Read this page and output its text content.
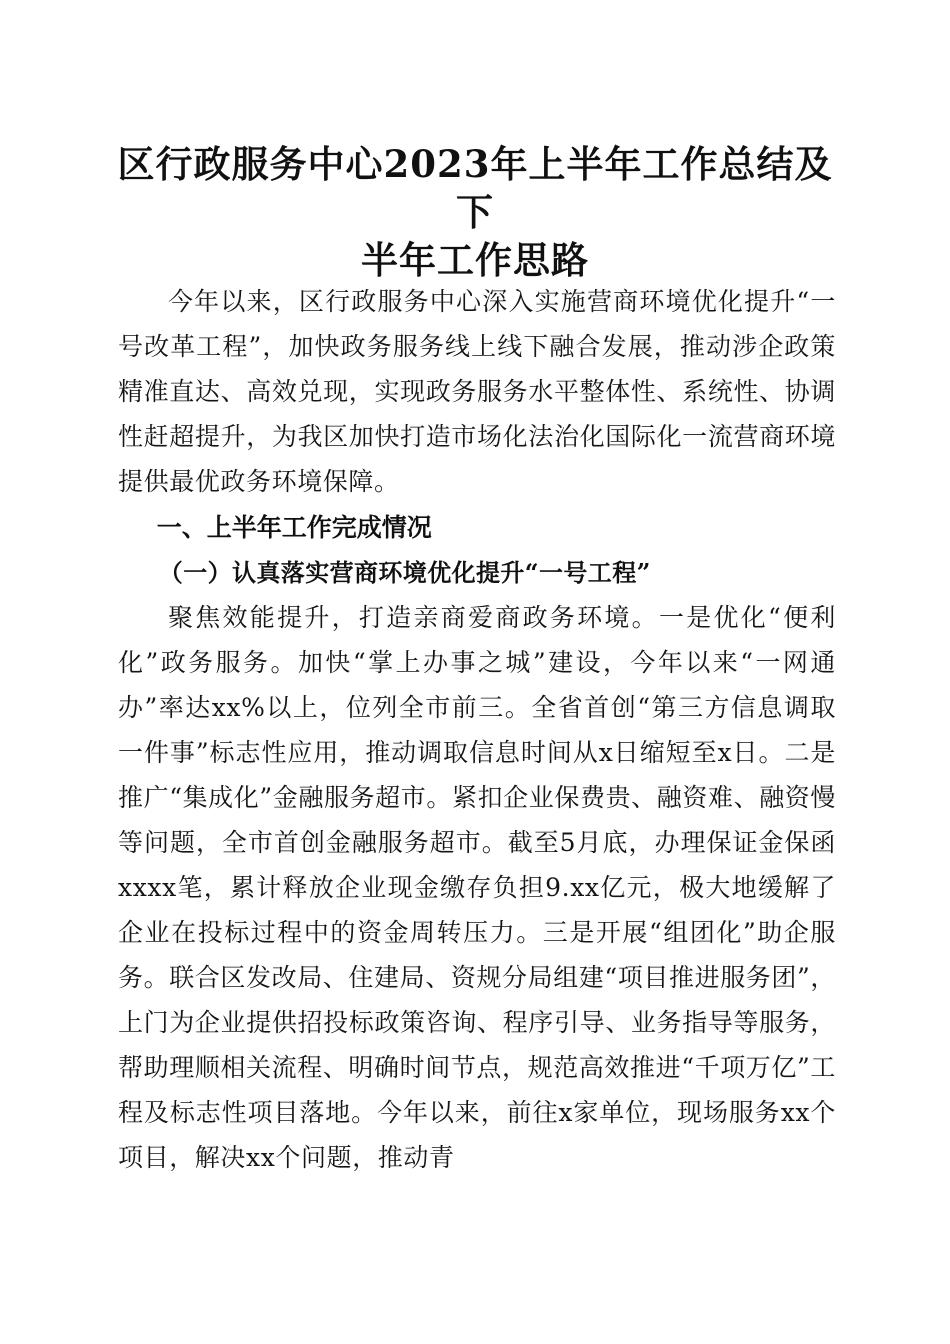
区行政服务中心2023年上半年工作总结及下
半年工作思路

今年以来，区行政服务中心深入实施营商环境优化提升“一号改革工程”，加快政务服务线上线下融合发展，推动涉企政策精准直达、高效兑现，实现政务服务水平整体性、系统性、协调性赶超提升，为我区加快打造市场化法治化国际化一流营商环境提供最优政务环境保障。

一、上半年工作完成情况

（一）认真落实营商环境优化提升“一号工程”

聚焦效能提升，打造亲商爱商政务环境。一是优化“便利化”政务服务。加快“掌上办事之城”建设，今年以来“一网通办”率达xx%以上，位列全市前三。全省首创“第三方信息调取一件事”标志性应用，推动调取信息时间从x日缩短至x日。二是推广“集成化”金融服务超市。紧扣企业保费贵、融资难、融资慢等问题，全市首创金融服务超市。截至5月底，办理保证金保函xxxx笔，累计释放企业现金缴存负担9.xx亿元，极大地缓解了企业在投标过程中的资金周转压力。三是开展“组团化”助企服务。联合区发改局、住建局、资规分局组建“项目推进服务团”，上门为企业提供招投标政策咨询、程序引导、业务指导等服务，帮助理顺相关流程、明确时间节点，规范高效推进“千项万亿”工程及标志性项目落地。今年以来，前往x家单位，现场服务xx个项目，解决xx个问题，推动青
